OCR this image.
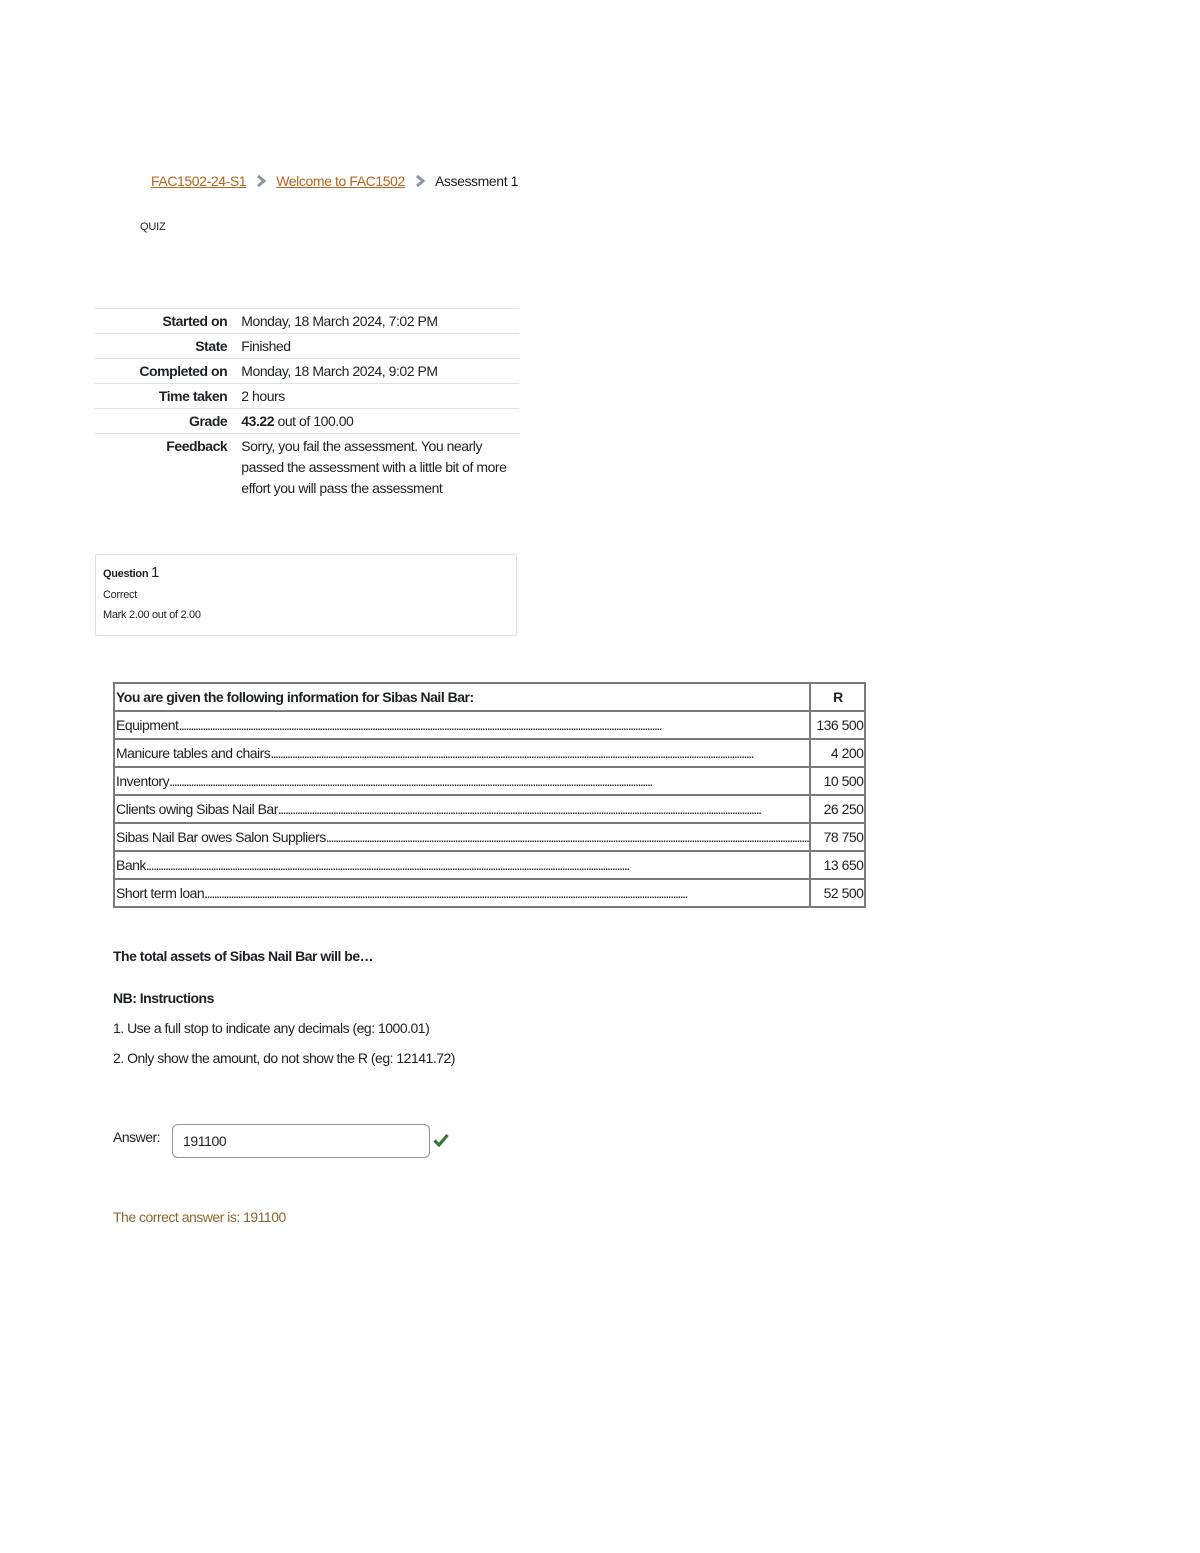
FAC1502-24-S1 Welcome to FAC1502 Assessment 1
QUIZ
Started on	Monday, 18 March 2024, 7:02 PM
State	Finished
Completed on	Monday, 18 March 2024, 9:02 PM
Time taken	2 hours
Grade	43.22 out of 100.00
Feedback	Sorry, you fail the assessment. You nearly passed the assessment with a little bit of more effort you will pass the assessment
Question 1
Correct
Mark 2.00 out of 2.00
You are given the following information for Sibas Nail Bar:	R
Equipment..........................................................................................................................................................................................................	136 500
Manicure tables and chairs..........................................................................................................................................................................................................	4 200
Inventory..........................................................................................................................................................................................................	10 500
Clients owing Sibas Nail Bar..........................................................................................................................................................................................................	26 250
Sibas Nail Bar owes Salon Suppliers..........................................................................................................................................................................................................	78 750
Bank..........................................................................................................................................................................................................	13 650
Short term loan..........................................................................................................................................................................................................	52 500
The total assets of Sibas Nail Bar will be…
NB: Instructions
1. Use a full stop to indicate any decimals (eg: 1000.01)
2. Only show the amount, do not show the R (eg: 12141.72)
Answer:
191100
The correct answer is: 191100
